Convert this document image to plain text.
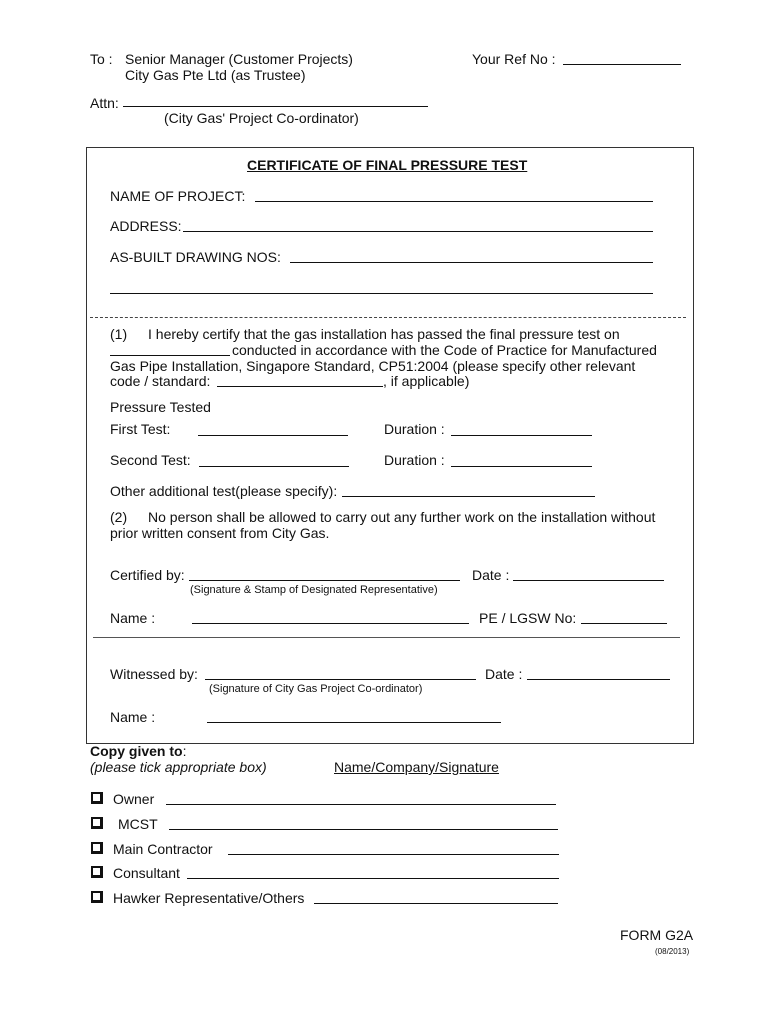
To : Senior Manager (Customer Projects)
City Gas Pte Ltd (as Trustee)
Your Ref No :
Attn:
(City Gas' Project Co-ordinator)
CERTIFICATE OF FINAL PRESSURE TEST
NAME OF PROJECT:
ADDRESS:
AS-BUILT DRAWING NOS:
(1) I hereby certify that the gas installation has passed the final pressure test on
conducted in accordance with the Code of Practice for Manufactured
Gas Pipe Installation, Singapore Standard, CP51:2004 (please specify other relevant
code / standard:	, if applicable)
Pressure Tested
First Test:	Duration :
Second Test:	Duration :
Other additional test(please specify):
(2) No person shall be allowed to carry out any further work on the installation without
prior written consent from City Gas.
Certified by:
(Signature & Stamp of Designated Representative)
Date :
Name :	PE / LGSW No:
Witnessed by:
(Signature of City Gas Project Co-ordinator)
Date :
Name :
Copy given to:
(please tick appropriate box)	Name/Company/Signature
Owner
MCST
Main Contractor
Consultant
Hawker Representative/Others
FORM G2A
(08/2013)
